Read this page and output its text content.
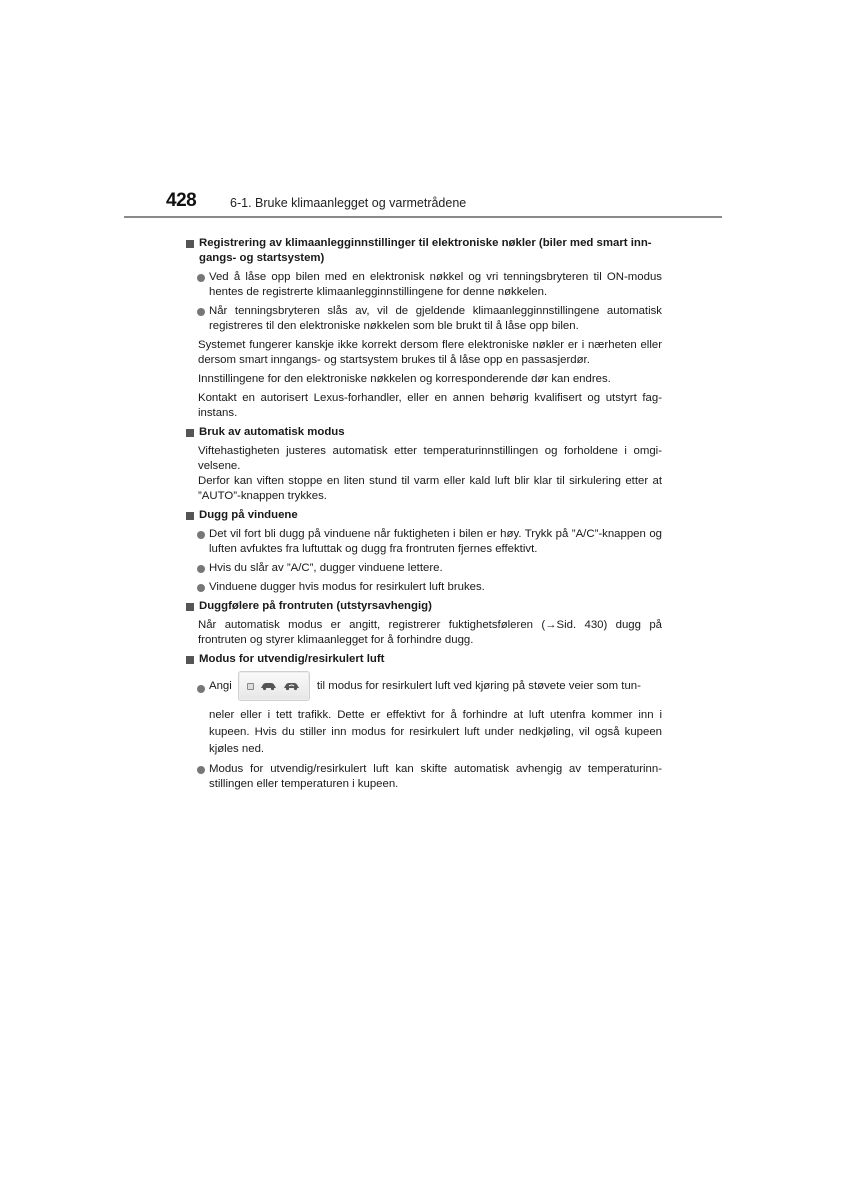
428	6-1. Bruke klimaanlegget og varmetrådene
Registrering av klimaanlegginnstillinger til elektroniske nøkler (biler med smart inn-gangs- og startsystem)
Ved å låse opp bilen med en elektronisk nøkkel og vri tenningsbryteren til ON-modus hentes de registrerte klimaanlegginnstillingene for denne nøkkelen.
Når tenningsbryteren slås av, vil de gjeldende klimaanlegginnstillingene automatisk registreres til den elektroniske nøkkelen som ble brukt til å låse opp bilen.
Systemet fungerer kanskje ikke korrekt dersom flere elektroniske nøkler er i nærheten eller dersom smart inngangs- og startsystem brukes til å låse opp en passasjerdør.
Innstillingene for den elektroniske nøkkelen og korresponderende dør kan endres.
Kontakt en autorisert Lexus-forhandler, eller en annen behørig kvalifisert og utstyrt fag-instans.
Bruk av automatisk modus
Viftehastigheten justeres automatisk etter temperaturinnstillingen og forholdene i omgi-velsene.
Derfor kan viften stoppe en liten stund til varm eller kald luft blir klar til sirkulering etter at ”AUTO”-knappen trykkes.
Dugg på vinduene
Det vil fort bli dugg på vinduene når fuktigheten i bilen er høy. Trykk på ”A/C”-knappen og luften avfuktes fra luftuttak og dugg fra frontruten fjernes effektivt.
Hvis du slår av ”A/C”, dugger vinduene lettere.
Vinduene dugger hvis modus for resirkulert luft brukes.
Duggfølere på frontruten (utstyrsavhengig)
Når automatisk modus er angitt, registrerer fuktighetsføleren (→Sid. 430) dugg på frontruten og styrer klimaanlegget for å forhindre dugg.
Modus for utvendig/resirkulert luft
Angi	til modus for resirkulert luft ved kjøring på støvete veier som tun-
neler eller i tett trafikk. Dette er effektivt for å forhindre at luft utenfra kommer inn i kupeen. Hvis du stiller inn modus for resirkulert luft under nedkjøling, vil også kupeen kjøles ned.
Modus for utvendig/resirkulert luft kan skifte automatisk avhengig av temperaturinn-stillingen eller temperaturen i kupeen.
